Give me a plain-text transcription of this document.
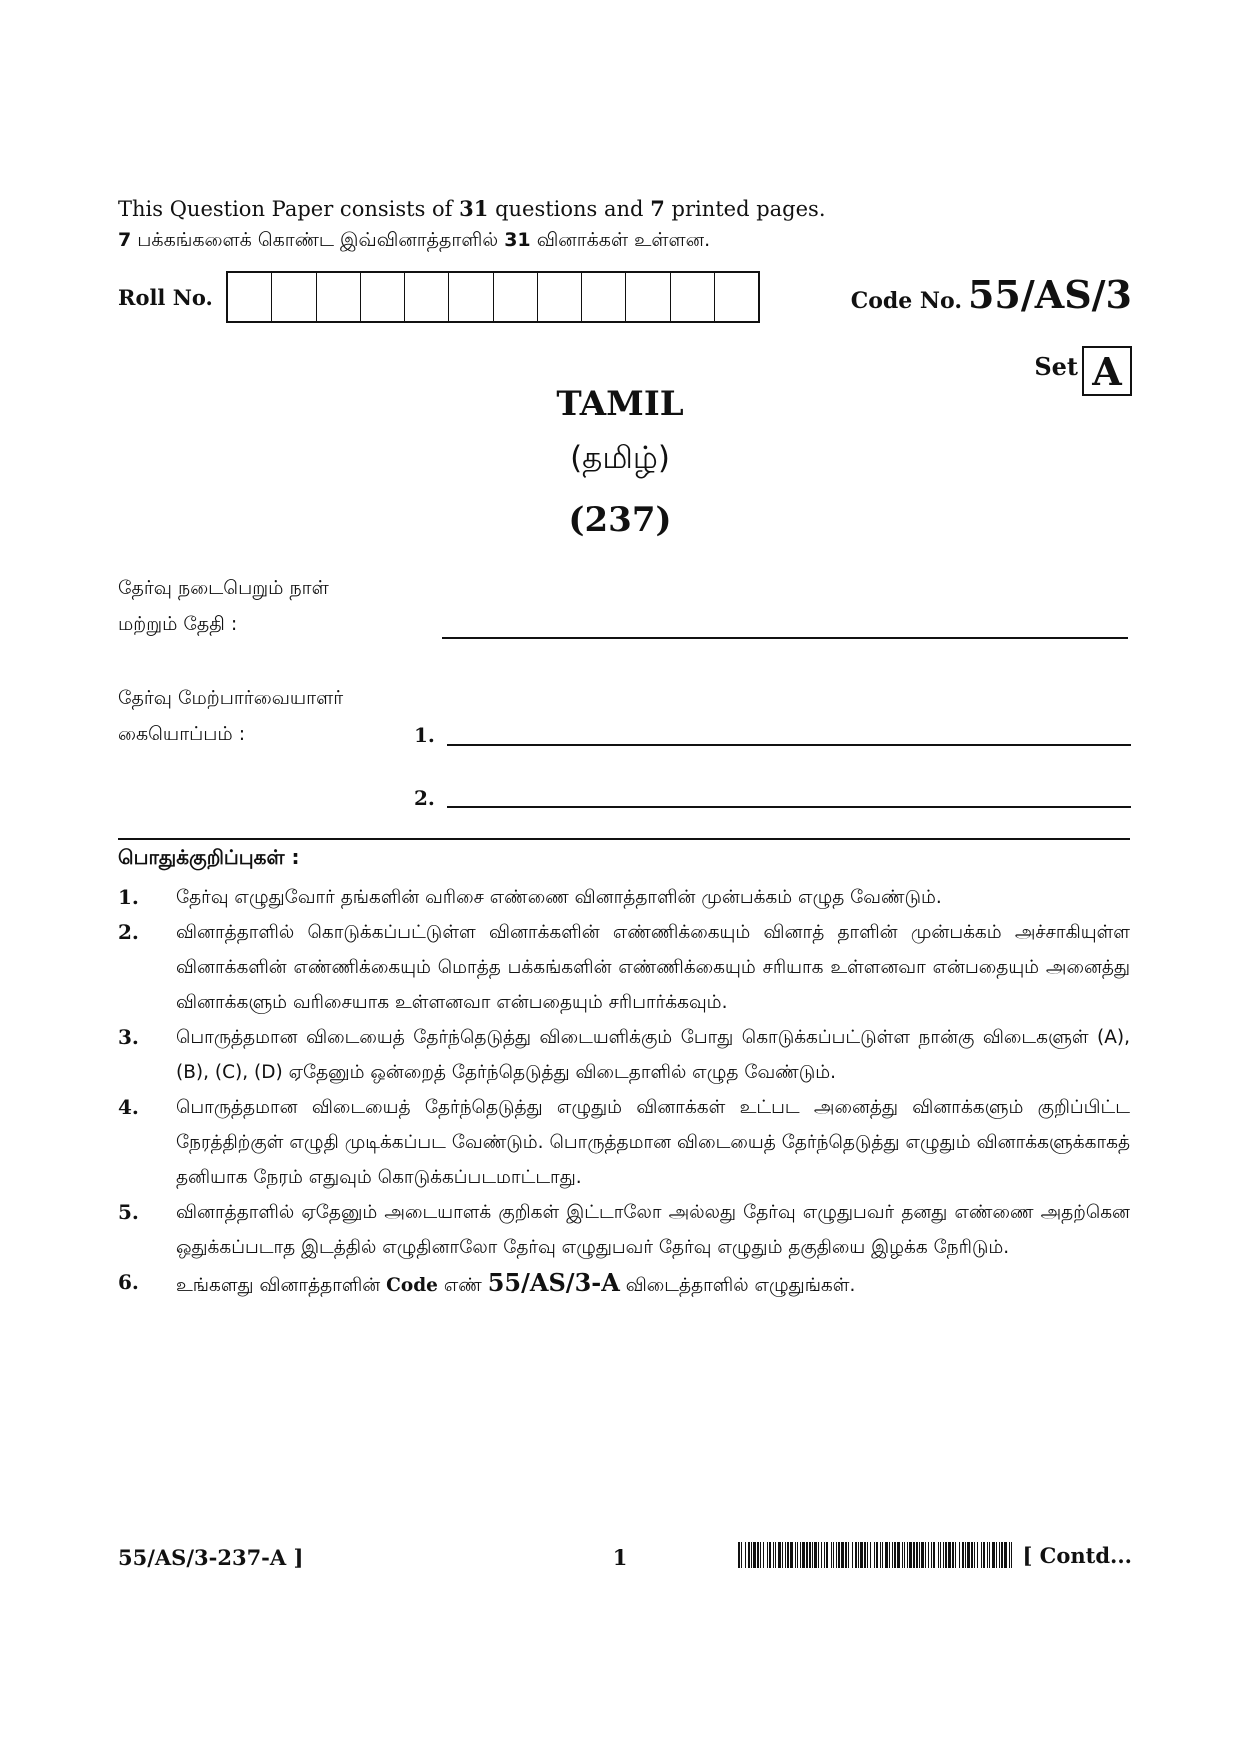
This Question Paper consists of 31 questions and 7 printed pages.
7 பக்கங்களைக் கொண்ட இவ்வினாத்தாளில் 31 வினாக்கள் உள்ளன.
Roll No.	Code No. 55/AS/3
Set A
TAMIL
(தமிழ்)
(237)
தேர்வு நடைபெறும் நாள்
மற்றும் தேதி :
தேர்வு மேற்பார்வையாளர்
கையொப்பம் :	1.
2.
பொதுக்குறிப்புகள் :
1.	தேர்வு எழுதுவோர் தங்களின் வரிசை எண்ணை வினாத்தாளின் முன்பக்கம் எழுத வேண்டும்.
2.	வினாத்தாளில் கொடுக்கப்பட்டுள்ள வினாக்களின் எண்ணிக்கையும் வினாத் தாளின் முன்பக்கம் அச்சாகியுள்ள வினாக்களின் எண்ணிக்கையும் மொத்த பக்கங்களின் எண்ணிக்கையும் சரியாக உள்ளனவா என்பதையும் அனைத்து வினாக்களும் வரிசையாக உள்ளனவா என்பதையும் சரிபார்க்கவும்.
3.	பொருத்தமான விடையைத் தேர்ந்தெடுத்து விடையளிக்கும் போது கொடுக்கப்பட்டுள்ள நான்கு விடைகளுள் (A), (B), (C), (D) ஏதேனும் ஒன்றைத் தேர்ந்தெடுத்து விடைதாளில் எழுத வேண்டும்.
4.	பொருத்தமான விடையைத் தேர்ந்தெடுத்து எழுதும் வினாக்கள் உட்பட அனைத்து வினாக்களும் குறிப்பிட்ட நேரத்திற்குள் எழுதி முடிக்கப்பட வேண்டும். பொருத்தமான விடையைத் தேர்ந்தெடுத்து எழுதும் வினாக்களுக்காகத் தனியாக நேரம் எதுவும் கொடுக்கப்படமாட்டாது.
5.	வினாத்தாளில் ஏதேனும் அடையாளக் குறிகள் இட்டாலோ அல்லது தேர்வு எழுதுபவர் தனது எண்ணை அதற்கென ஒதுக்கப்படாத இடத்தில் எழுதினாலோ தேர்வு எழுதுபவர் தேர்வு எழுதும் தகுதியை இழக்க நேரிடும்.
6.	உங்களது வினாத்தாளின் Code எண் 55/AS/3-A விடைத்தாளில் எழுதுங்கள்.
55/AS/3-237-A ]	1	[ Contd...
